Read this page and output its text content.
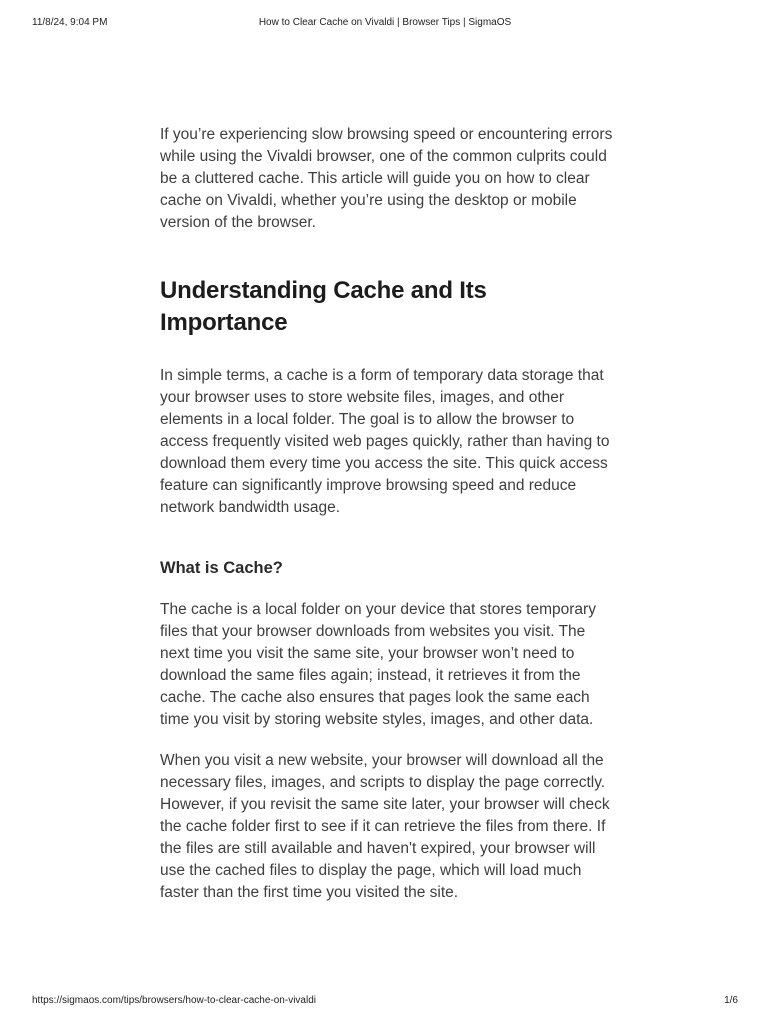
How to Clear Cache on Vivaldi | Browser Tips | SigmaOS
11/8/24, 9:04 PM

If you’re experiencing slow browsing speed or encountering errors while using the Vivaldi browser, one of the common culprits could be a cluttered cache. This article will guide you on how to clear cache on Vivaldi, whether you’re using the desktop or mobile version of the browser.

Understanding Cache and Its Importance

In simple terms, a cache is a form of temporary data storage that your browser uses to store website files, images, and other elements in a local folder. The goal is to allow the browser to access frequently visited web pages quickly, rather than having to download them every time you access the site. This quick access feature can significantly improve browsing speed and reduce network bandwidth usage.

What is Cache?

The cache is a local folder on your device that stores temporary files that your browser downloads from websites you visit. The next time you visit the same site, your browser won’t need to download the same files again; instead, it retrieves it from the cache. The cache also ensures that pages look the same each time you visit by storing website styles, images, and other data.

When you visit a new website, your browser will download all the necessary files, images, and scripts to display the page correctly. However, if you revisit the same site later, your browser will check the cache folder first to see if it can retrieve the files from there. If the files are still available and haven't expired, your browser will use the cached files to display the page, which will load much faster than the first time you visited the site.

https://sigmaos.com/tips/browsers/how-to-clear-cache-on-vivaldi	1/6
